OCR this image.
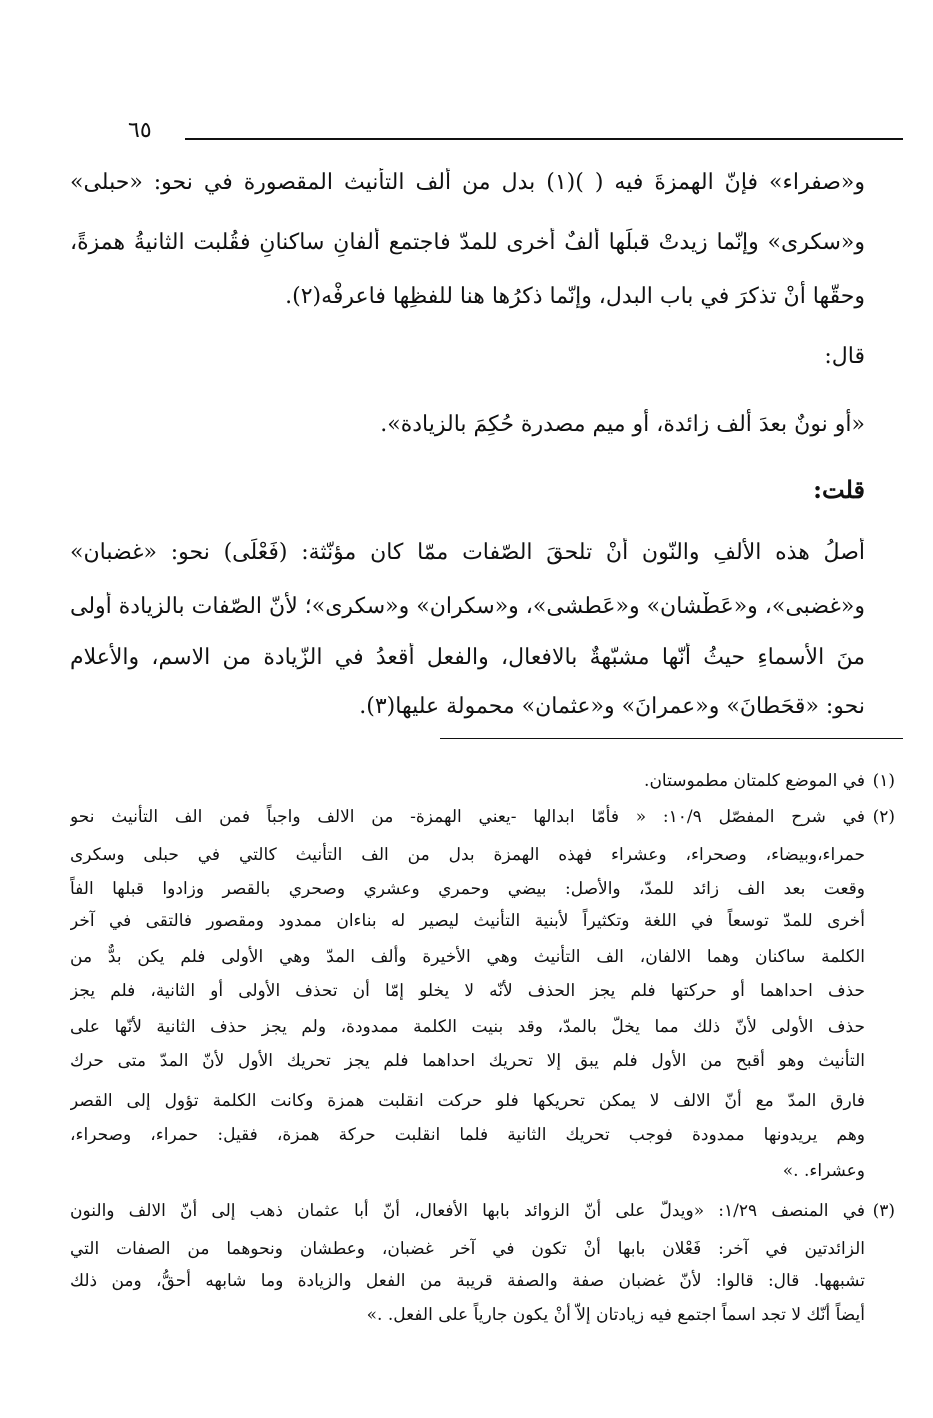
٦٥
و«صفراء» فإنّ الهمزةَ فيه ( )(١) بدل من ألف التأنيث المقصورة في نحو: «حبلى»
و«سكرى» وإنّما زيدتْ قبلَها ألفٌ أخرى للمدّ فاجتمع ألفانِ ساكنانِ فقُلبت الثانيةُ همزةً،
وحقّها أنْ تذكرَ في باب البدل، وإنّما ذكرُها هنا للفظِها فاعرفْه(٢).
قال:
«أو نونٌ بعدَ ألف زائدة، أو ميم مصدرة حُكِمَ بالزيادة».
قلت:
أصلُ هذه الألفِ والنّون أنْ تلحقَ الصّفات ممّا كان مؤنّثة: (فَعْلَى) نحو: «غضبان»
و«غضبى»، و«عَطْشان» و«عَطشى»، و«سكران» و«سكرى»؛ لأنّ الصّفات بالزيادة أولى
منَ الأسماءِ حيثُ أنّها مشبّهةٌ بالافعال، والفعل أقعدُ في الزّيادة من الاسم، والأعلام
نحو: «قحَطانَ» و«عمرانَ» و«عثمان» محمولة عليها(٣).
(١)
في الموضع كلمتان مطموستان.
(٢)
في شرح المفصّل ١٠/٩: « فأمّا ابدالها -يعني الهمزة- من الالف واجباً فمن الف التأنيث نحو
حمراء،وبيضاء، وصحراء، وعشراء فهذه الهمزة بدل من الف التأنيث كالتي في حبلى وسكرى
وقعت بعد الف زائد للمدّ، والأصل: بيضي وحمري وعشري وصحري بالقصر وزادوا قبلها الفاً
أخرى للمدّ توسعاً في اللغة وتكثيراً لأبنية التأنيث ليصير له بناءان ممدود ومقصور فالتقى في آخر
الكلمة ساكنان وهما الالفان، الف التأنيث وهي الأخيرة وألف المدّ وهي الأولى فلم يكن بدٌّ من
حذف احداهما أو حركتها فلم يجز الحذف لأنّه لا يخلو إمّا أن تحذف الأولى أو الثانية، فلم يجز
حذف الأولى لأنّ ذلك مما يخلّ بالمدّ، وقد بنيت الكلمة ممدودة، ولم يجز حذف الثانية لأنّها على
التأنيث وهو أقبح من الأول فلم يبق إلا تحريك احداهما فلم يجز تحريك الأول لأنّ المدّ متى حرك
فارق المدّ مع أنّ الالف لا يمكن تحريكها فلو حركت انقلبت همزة وكانت الكلمة تؤول إلى القصر
وهم يريدونها ممدودة فوجب تحريك الثانية فلما انقلبت حركة همزة، فقيل: حمراء، وصحراء،
وعشراء. .»
(٣)
في المنصف ١/٢٩: «ويدلّ على أنّ الزوائد بابها الأفعال، أنّ أبا عثمان ذهب إلى أنّ الالف والنون
الزائدتين في آخر: فَعْلان بابها أنْ تكون في آخر غضبان، وعطشان ونحوهما من الصفات التي
تشبهها. قال: قالوا: لأنّ غضبان صفة والصفة قريبة من الفعل والزيادة وما شابهه أحقُّ، ومن ذلك
أيضاً أنّك لا تجد اسماً اجتمع فيه زيادتان إلاّ أنْ يكون جارياً على الفعل. .»
